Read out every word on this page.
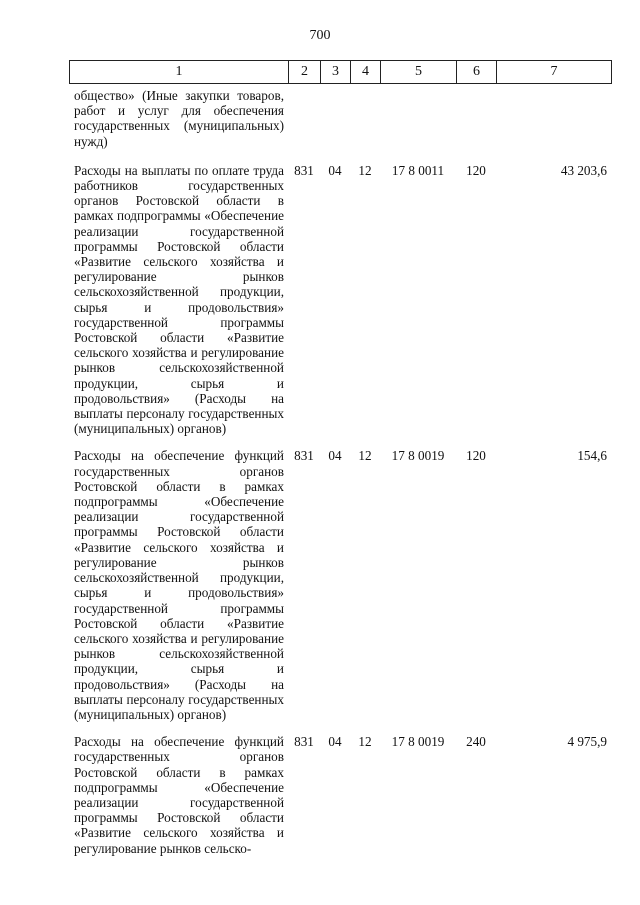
700
1	2	3	4	5	6	7
общество» (Иные закупки товаров, работ и услуг для обеспечения государственных (муниципальных) нужд)						
Расходы на выплаты по оплате труда работников государственных органов Ростовской области в рамках подпрограммы «Обеспечение реализации государственной программы Ростовской области «Развитие сельского хозяйства и регулирование рынков сельскохозяйственной продукции, сырья и продовольствия» государственной программы Ростовской области «Развитие сельского хозяйства и регулирование рынков сельскохозяйственной продукции, сырья и продовольствия» (Расходы на выплаты персоналу государственных (муниципальных) органов)	831	04	12	17 8 0011	120	43 203,6
Расходы на обеспечение функций государственных органов Ростовской области в рамках подпрограммы «Обеспечение реализации государственной программы Ростовской области «Развитие сельского хозяйства и регулирование рынков сельскохозяйственной продукции, сырья и продовольствия» государственной программы Ростовской области «Развитие сельского хозяйства и регулирование рынков сельскохозяйственной продукции, сырья и продовольствия» (Расходы на выплаты персоналу государственных (муниципальных) органов)	831	04	12	17 8 0019	120	154,6
Расходы на обеспечение функций государственных органов Ростовской области в рамках подпрограммы «Обеспечение реализации государственной программы Ростовской области «Развитие сельского хозяйства и регулирование рынков сельско-	831	04	12	17 8 0019	240	4 975,9
